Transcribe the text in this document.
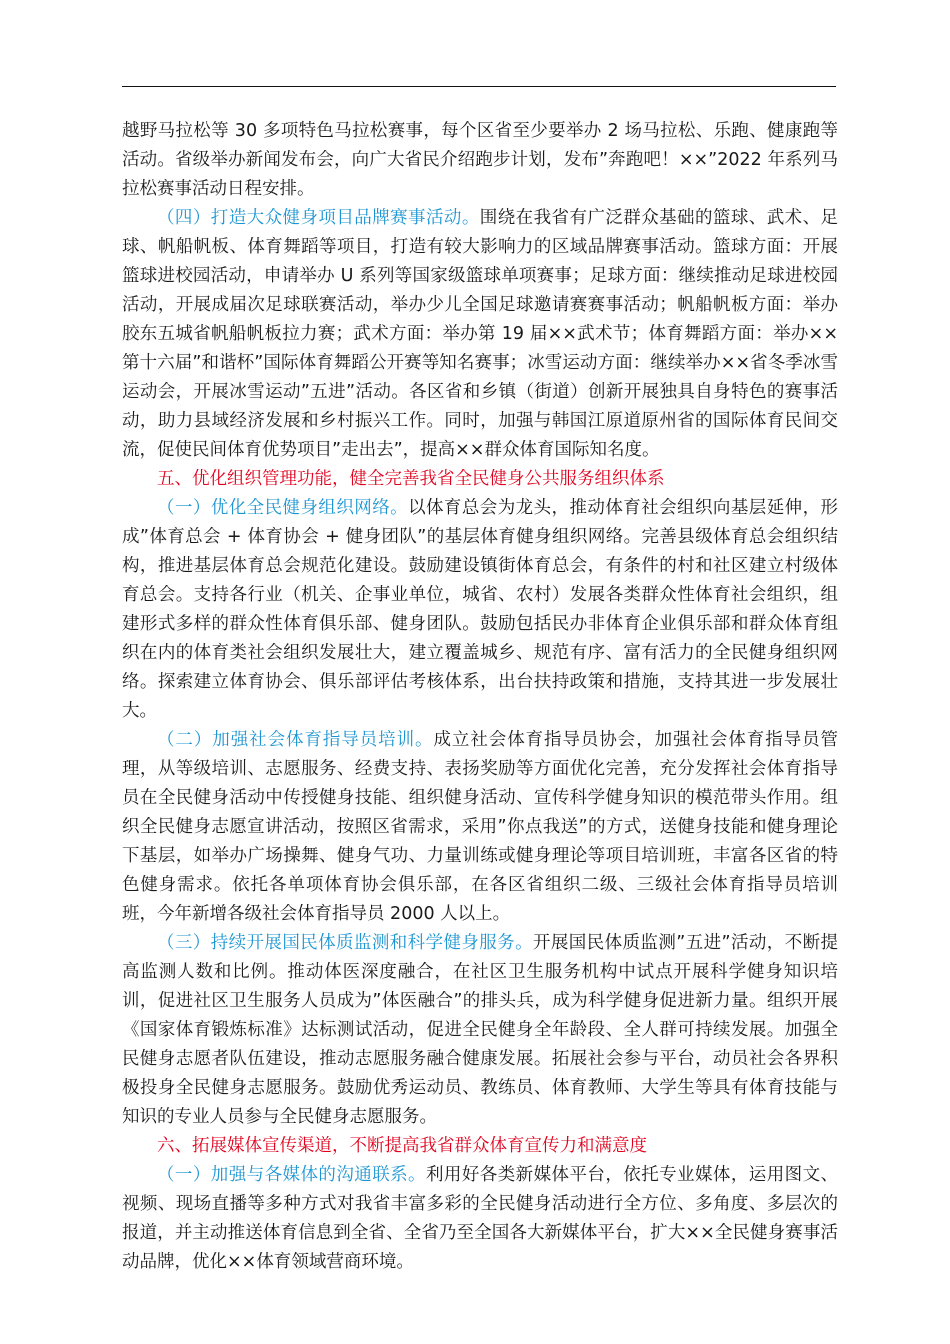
越野马拉松等 30 多项特色马拉松赛事，每个区省至少要举办 2 场马拉松、乐跑、健康跑等活动。省级举办新闻发布会，向广大省民介绍跑步计划，发布”奔跑吧！××”2022 年系列马拉松赛事活动日程安排。

（四）打造大众健身项目品牌赛事活动。围绕在我省有广泛群众基础的篮球、武术、足球、帆船帆板、体育舞蹈等项目，打造有较大影响力的区域品牌赛事活动。篮球方面：开展篮球进校园活动，申请举办 U 系列等国家级篮球单项赛事；足球方面：继续推动足球进校园活动，开展成届次足球联赛活动，举办少儿全国足球邀请赛赛事活动；帆船帆板方面：举办胶东五城省帆船帆板拉力赛；武术方面：举办第 19 届××武术节；体育舞蹈方面：举办××第十六届”和谐杯”国际体育舞蹈公开赛等知名赛事；冰雪运动方面：继续举办××省冬季冰雪运动会，开展冰雪运动”五进”活动。各区省和乡镇（街道）创新开展独具自身特色的赛事活动，助力县域经济发展和乡村振兴工作。同时，加强与韩国江原道原州省的国际体育民间交流，促使民间体育优势项目”走出去”，提高××群众体育国际知名度。

五、优化组织管理功能，健全完善我省全民健身公共服务组织体系

（一）优化全民健身组织网络。以体育总会为龙头，推动体育社会组织向基层延伸，形成”体育总会 + 体育协会 + 健身团队”的基层体育健身组织网络。完善县级体育总会组织结构，推进基层体育总会规范化建设。鼓励建设镇街体育总会，有条件的村和社区建立村级体育总会。支持各行业（机关、企事业单位，城省、农村）发展各类群众性体育社会组织，组建形式多样的群众性体育俱乐部、健身团队。鼓励包括民办非体育企业俱乐部和群众体育组织在内的体育类社会组织发展壮大，建立覆盖城乡、规范有序、富有活力的全民健身组织网络。探索建立体育协会、俱乐部评估考核体系，出台扶持政策和措施，支持其进一步发展壮大。

（二）加强社会体育指导员培训。成立社会体育指导员协会，加强社会体育指导员管理，从等级培训、志愿服务、经费支持、表扬奖励等方面优化完善，充分发挥社会体育指导员在全民健身活动中传授健身技能、组织健身活动、宣传科学健身知识的模范带头作用。组织全民健身志愿宣讲活动，按照区省需求，采用”你点我送”的方式，送健身技能和健身理论下基层，如举办广场操舞、健身气功、力量训练或健身理论等项目培训班，丰富各区省的特色健身需求。依托各单项体育协会俱乐部，在各区省组织二级、三级社会体育指导员培训班，今年新增各级社会体育指导员 2000 人以上。

（三）持续开展国民体质监测和科学健身服务。开展国民体质监测”五进”活动，不断提高监测人数和比例。推动体医深度融合，在社区卫生服务机构中试点开展科学健身知识培训，促进社区卫生服务人员成为”体医融合”的排头兵，成为科学健身促进新力量。组织开展《国家体育锻炼标准》达标测试活动，促进全民健身全年龄段、全人群可持续发展。加强全民健身志愿者队伍建设，推动志愿服务融合健康发展。拓展社会参与平台，动员社会各界积极投身全民健身志愿服务。鼓励优秀运动员、教练员、体育教师、大学生等具有体育技能与知识的专业人员参与全民健身志愿服务。

六、拓展媒体宣传渠道，不断提高我省群众体育宣传力和满意度

（一）加强与各媒体的沟通联系。利用好各类新媒体平台，依托专业媒体，运用图文、视频、现场直播等多种方式对我省丰富多彩的全民健身活动进行全方位、多角度、多层次的报道，并主动推送体育信息到全省、全省乃至全国各大新媒体平台，扩大××全民健身赛事活动品牌，优化××体育领域营商环境。
